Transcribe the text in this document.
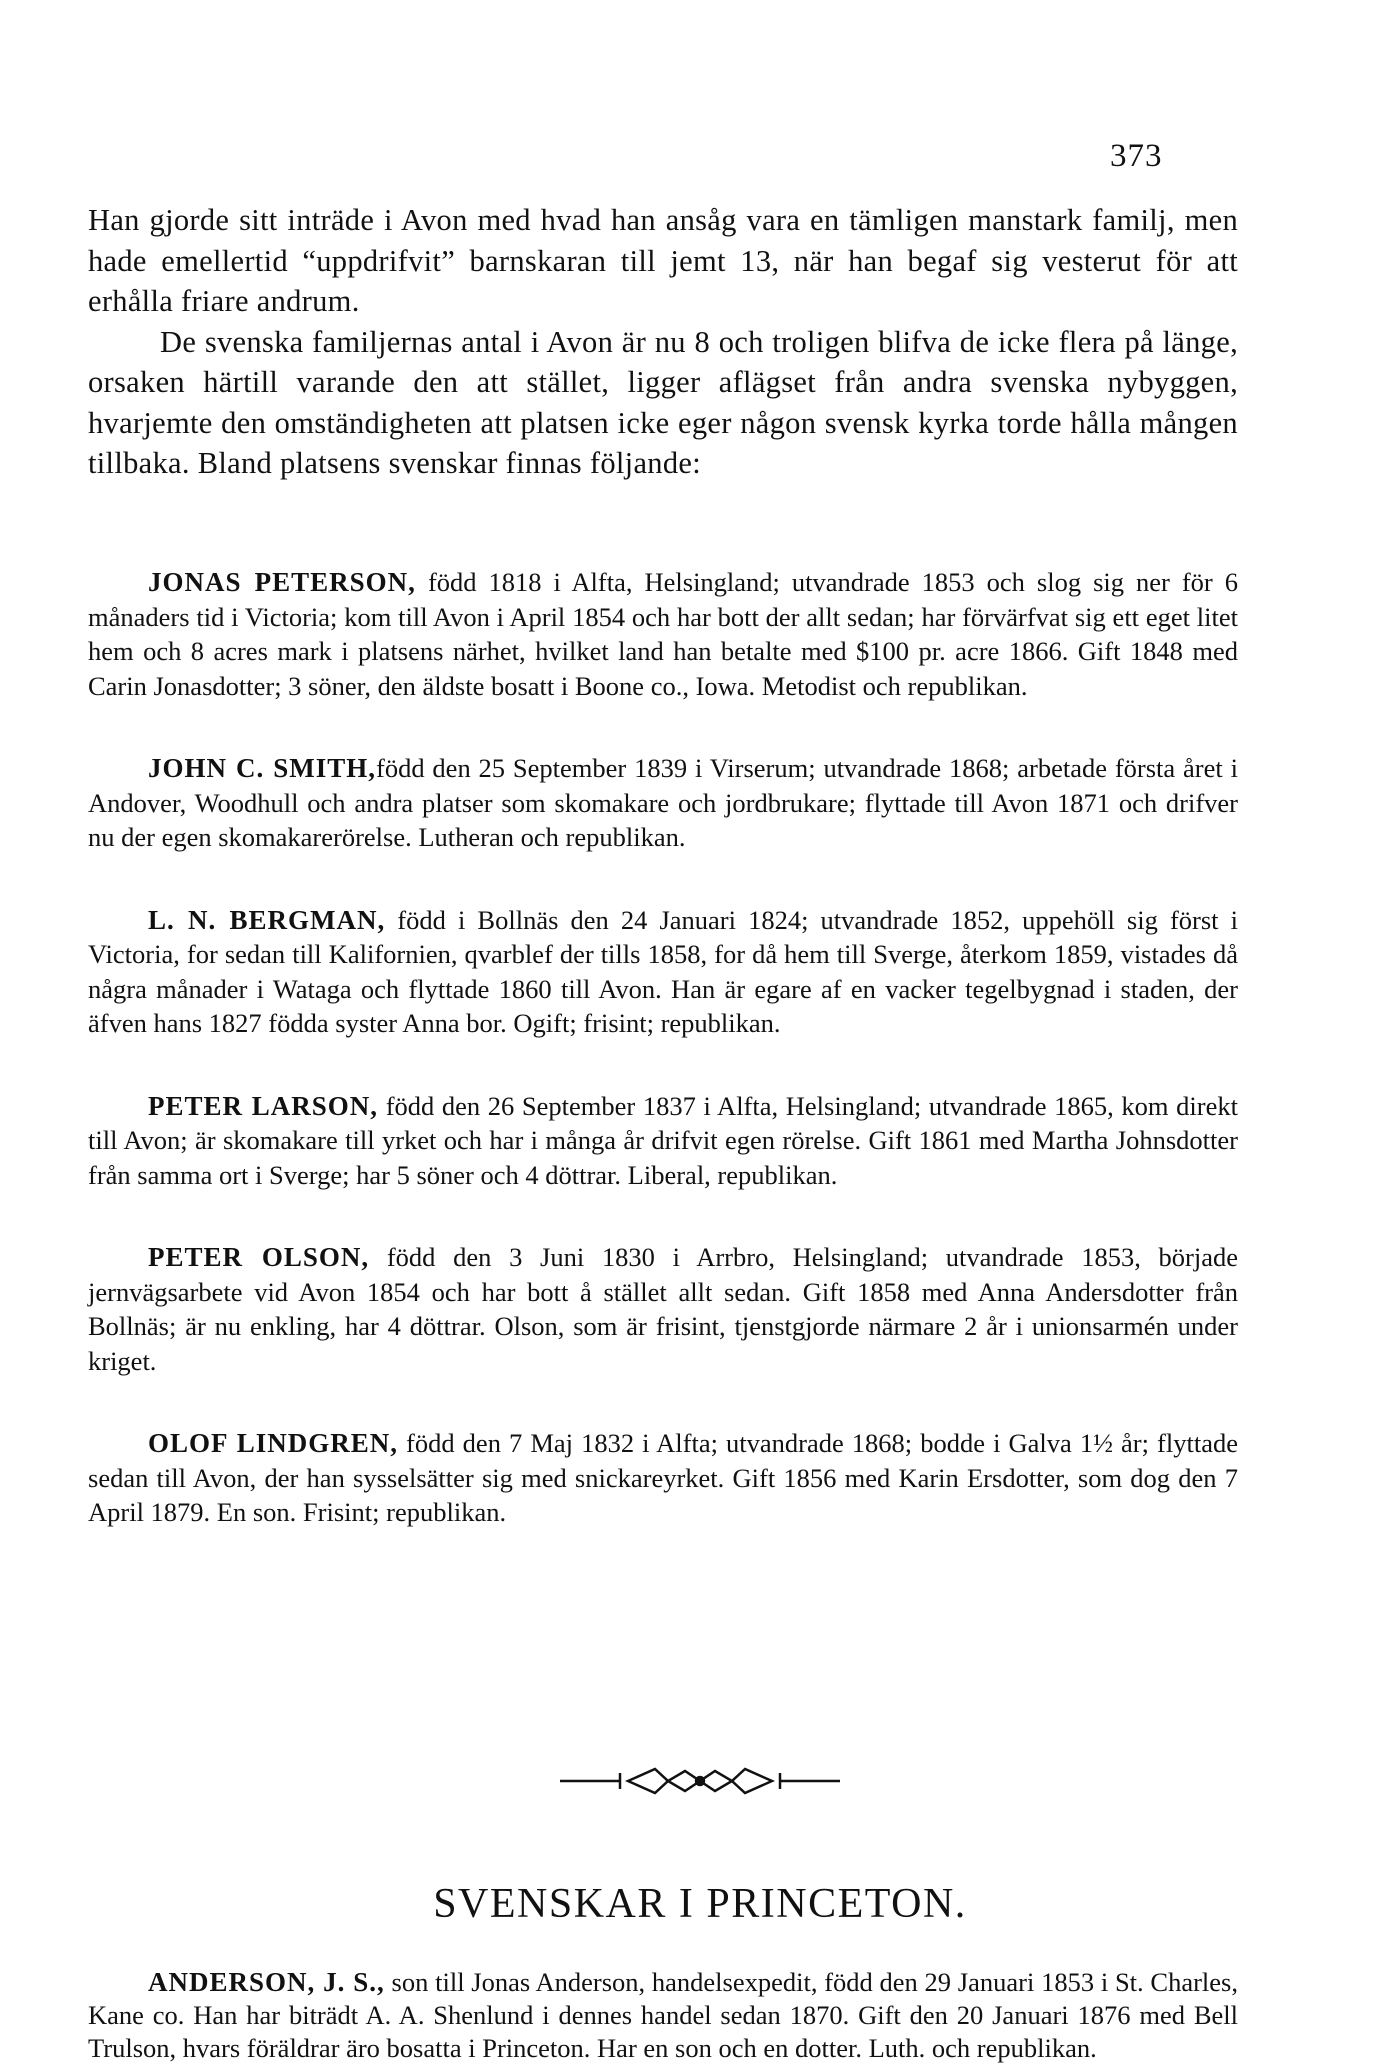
373

Han gjorde sitt inträde i Avon med hvad han ansåg vara en tämligen manstark familj, men hade emellertid “uppdrifvit” barnskaran till jemt 13, när han begaf sig vesterut för att erhålla friare andrum.

De svenska familjernas antal i Avon är nu 8 och troligen blifva de icke flera på länge, orsaken härtill varande den att stället, ligger aflägset från andra svenska nybyggen, hvarjemte den omständigheten att platsen icke eger någon svensk kyrka torde hålla mången tillbaka. Bland platsens svenskar finnas följande:

JONAS PETERSON, född 1818 i Alfta, Helsingland; utvandrade 1853 och slog sig ner för 6 månaders tid i Victoria; kom till Avon i April 1854 och har bott der allt sedan; har förvärfvat sig ett eget litet hem och 8 acres mark i platsens närhet, hvilket land han betalte med $100 pr. acre 1866. Gift 1848 med Carin Jonasdotter; 3 söner, den äldste bosatt i Boone co., Iowa. Metodist och republikan.

JOHN C. SMITH,född den 25 September 1839 i Virserum; utvandrade 1868; arbetade första året i Andover, Woodhull och andra platser som skomakare och jordbrukare; flyttade till Avon 1871 och drifver nu der egen skomakarerörelse. Lutheran och republikan.

L. N. BERGMAN, född i Bollnäs den 24 Januari 1824; utvandrade 1852, uppehöll sig först i Victoria, for sedan till Kalifornien, qvarblef der tills 1858, for då hem till Sverge, återkom 1859, vistades då några månader i Wataga och flyttade 1860 till Avon. Han är egare af en vacker tegelbygnad i staden, der äfven hans 1827 födda syster Anna bor. Ogift; frisint; republikan.

PETER LARSON, född den 26 September 1837 i Alfta, Helsingland; utvandrade 1865, kom direkt till Avon; är skomakare till yrket och har i många år drifvit egen rörelse. Gift 1861 med Martha Johnsdotter från samma ort i Sverge; har 5 söner och 4 döttrar. Liberal, republikan.

PETER OLSON, född den 3 Juni 1830 i Arrbro, Helsingland; utvandrade 1853, började jernvägsarbete vid Avon 1854 och har bott å stället allt sedan. Gift 1858 med Anna Andersdotter från Bollnäs; är nu enkling, har 4 döttrar. Olson, som är frisint, tjenstgjorde närmare 2 år i unionsarmén under kriget.

OLOF LINDGREN, född den 7 Maj 1832 i Alfta; utvandrade 1868; bodde i Galva 1½ år; flyttade sedan till Avon, der han sysselsätter sig med snickareyrket. Gift 1856 med Karin Ersdotter, som dog den 7 April 1879. En son. Frisint; republikan.

SVENSKAR I PRINCETON.

ANDERSON, J. S., son till Jonas Anderson, handelsexpedit, född den 29 Januari 1853 i St. Charles, Kane co. Han har biträdt A. A. Shenlund i dennes handel sedan 1870. Gift den 20 Januari 1876 med Bell Trulson, hvars föräldrar äro bosatta i Princeton. Har en son och en dotter. Luth. och republikan.
